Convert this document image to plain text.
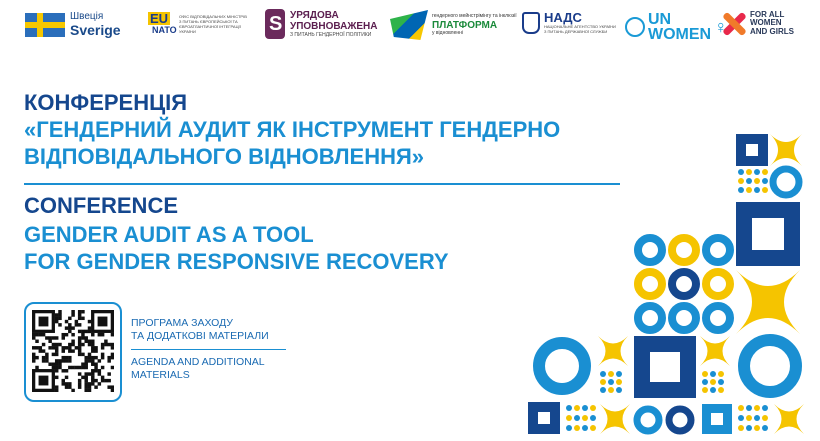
Швеція
Sverige
EU
NATO
ОФІС ВІДПОВІДАЛЬНИХ МІНІСТРІВ З ПИТАНЬ ЄВРОПЕЙСЬКОЇ ТА ЄВРОАТЛАНТИЧНОЇ ІНТЕГРАЦІЇ УКРАЇНИ
S
УРЯДОВА
УПОВНОВАЖЕНА
З ПИТАНЬ ГЕНДЕРНОЇ ПОЛІТИКИ
гендерного мейнстрімінгу та інклюзії
ПЛАТФОРМА
у відновленні
НАДС
НАЦІОНАЛЬНЕ АГЕНТСТВО УКРАЇНИ З ПИТАНЬ ДЕРЖАВНОЇ СЛУЖБИ
UN
WOMEN ♀
FOR ALL
WOMEN
AND GIRLS
КОНФЕРЕНЦІЯ
«ГЕНДЕРНИЙ АУДИТ ЯК ІНСТРУМЕНТ ГЕНДЕРНО
ВІДПОВІДАЛЬНОГО ВІДНОВЛЕННЯ»
CONFERENCE
GENDER AUDIT AS A TOOL
FOR GENDER RESPONSIVE RECOVERY
ПРОГРАМА ЗАХОДУ
ТА ДОДАТКОВІ МАТЕРІАЛИ
AGENDA AND ADDITIONAL
MATERIALS
